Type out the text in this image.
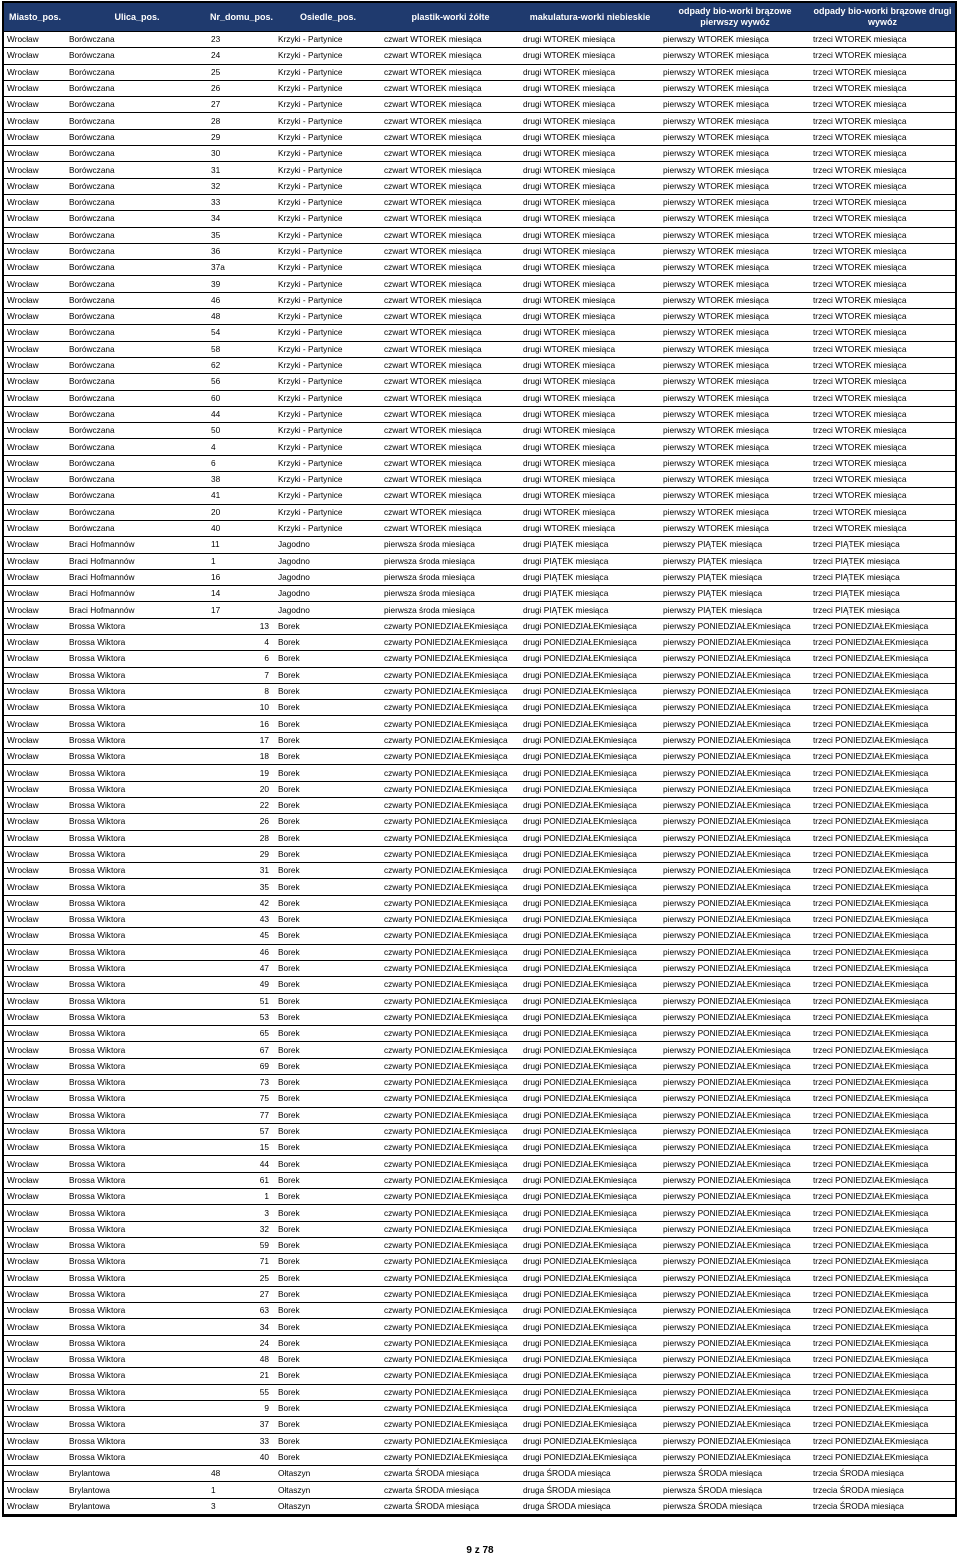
Miasto_pos.	Ulica_pos.	Nr_domu_pos.	Osiedle_pos.	plastik-worki żółte	makulatura-worki niebieskie	odpady bio-worki brązowe pierwszy wywóz	odpady bio-worki brązowe drugi wywóz
Wrocław	Borówczana	23	Krzyki - Partynice	czwart WTOREK miesiąca	drugi WTOREK miesiąca	pierwszy WTOREK miesiąca	trzeci WTOREK miesiąca
Wrocław	Borówczana	24	Krzyki - Partynice	czwart WTOREK miesiąca	drugi WTOREK miesiąca	pierwszy WTOREK miesiąca	trzeci WTOREK miesiąca
Wrocław	Borówczana	25	Krzyki - Partynice	czwart WTOREK miesiąca	drugi WTOREK miesiąca	pierwszy WTOREK miesiąca	trzeci WTOREK miesiąca
Wrocław	Borówczana	26	Krzyki - Partynice	czwart WTOREK miesiąca	drugi WTOREK miesiąca	pierwszy WTOREK miesiąca	trzeci WTOREK miesiąca
Wrocław	Borówczana	27	Krzyki - Partynice	czwart WTOREK miesiąca	drugi WTOREK miesiąca	pierwszy WTOREK miesiąca	trzeci WTOREK miesiąca
Wrocław	Borówczana	28	Krzyki - Partynice	czwart WTOREK miesiąca	drugi WTOREK miesiąca	pierwszy WTOREK miesiąca	trzeci WTOREK miesiąca
Wrocław	Borówczana	29	Krzyki - Partynice	czwart WTOREK miesiąca	drugi WTOREK miesiąca	pierwszy WTOREK miesiąca	trzeci WTOREK miesiąca
Wrocław	Borówczana	30	Krzyki - Partynice	czwart WTOREK miesiąca	drugi WTOREK miesiąca	pierwszy WTOREK miesiąca	trzeci WTOREK miesiąca
Wrocław	Borówczana	31	Krzyki - Partynice	czwart WTOREK miesiąca	drugi WTOREK miesiąca	pierwszy WTOREK miesiąca	trzeci WTOREK miesiąca
Wrocław	Borówczana	32	Krzyki - Partynice	czwart WTOREK miesiąca	drugi WTOREK miesiąca	pierwszy WTOREK miesiąca	trzeci WTOREK miesiąca
Wrocław	Borówczana	33	Krzyki - Partynice	czwart WTOREK miesiąca	drugi WTOREK miesiąca	pierwszy WTOREK miesiąca	trzeci WTOREK miesiąca
Wrocław	Borówczana	34	Krzyki - Partynice	czwart WTOREK miesiąca	drugi WTOREK miesiąca	pierwszy WTOREK miesiąca	trzeci WTOREK miesiąca
Wrocław	Borówczana	35	Krzyki - Partynice	czwart WTOREK miesiąca	drugi WTOREK miesiąca	pierwszy WTOREK miesiąca	trzeci WTOREK miesiąca
Wrocław	Borówczana	36	Krzyki - Partynice	czwart WTOREK miesiąca	drugi WTOREK miesiąca	pierwszy WTOREK miesiąca	trzeci WTOREK miesiąca
Wrocław	Borówczana	37a	Krzyki - Partynice	czwart WTOREK miesiąca	drugi WTOREK miesiąca	pierwszy WTOREK miesiąca	trzeci WTOREK miesiąca
Wrocław	Borówczana	39	Krzyki - Partynice	czwart WTOREK miesiąca	drugi WTOREK miesiąca	pierwszy WTOREK miesiąca	trzeci WTOREK miesiąca
Wrocław	Borówczana	46	Krzyki - Partynice	czwart WTOREK miesiąca	drugi WTOREK miesiąca	pierwszy WTOREK miesiąca	trzeci WTOREK miesiąca
Wrocław	Borówczana	48	Krzyki - Partynice	czwart WTOREK miesiąca	drugi WTOREK miesiąca	pierwszy WTOREK miesiąca	trzeci WTOREK miesiąca
Wrocław	Borówczana	54	Krzyki - Partynice	czwart WTOREK miesiąca	drugi WTOREK miesiąca	pierwszy WTOREK miesiąca	trzeci WTOREK miesiąca
Wrocław	Borówczana	58	Krzyki - Partynice	czwart WTOREK miesiąca	drugi WTOREK miesiąca	pierwszy WTOREK miesiąca	trzeci WTOREK miesiąca
Wrocław	Borówczana	62	Krzyki - Partynice	czwart WTOREK miesiąca	drugi WTOREK miesiąca	pierwszy WTOREK miesiąca	trzeci WTOREK miesiąca
Wrocław	Borówczana	56	Krzyki - Partynice	czwart WTOREK miesiąca	drugi WTOREK miesiąca	pierwszy WTOREK miesiąca	trzeci WTOREK miesiąca
Wrocław	Borówczana	60	Krzyki - Partynice	czwart WTOREK miesiąca	drugi WTOREK miesiąca	pierwszy WTOREK miesiąca	trzeci WTOREK miesiąca
Wrocław	Borówczana	44	Krzyki - Partynice	czwart WTOREK miesiąca	drugi WTOREK miesiąca	pierwszy WTOREK miesiąca	trzeci WTOREK miesiąca
Wrocław	Borówczana	50	Krzyki - Partynice	czwart WTOREK miesiąca	drugi WTOREK miesiąca	pierwszy WTOREK miesiąca	trzeci WTOREK miesiąca
Wrocław	Borówczana	4	Krzyki - Partynice	czwart WTOREK miesiąca	drugi WTOREK miesiąca	pierwszy WTOREK miesiąca	trzeci WTOREK miesiąca
Wrocław	Borówczana	6	Krzyki - Partynice	czwart WTOREK miesiąca	drugi WTOREK miesiąca	pierwszy WTOREK miesiąca	trzeci WTOREK miesiąca
Wrocław	Borówczana	38	Krzyki - Partynice	czwart WTOREK miesiąca	drugi WTOREK miesiąca	pierwszy WTOREK miesiąca	trzeci WTOREK miesiąca
Wrocław	Borówczana	41	Krzyki - Partynice	czwart WTOREK miesiąca	drugi WTOREK miesiąca	pierwszy WTOREK miesiąca	trzeci WTOREK miesiąca
Wrocław	Borówczana	20	Krzyki - Partynice	czwart WTOREK miesiąca	drugi WTOREK miesiąca	pierwszy WTOREK miesiąca	trzeci WTOREK miesiąca
Wrocław	Borówczana	40	Krzyki - Partynice	czwart WTOREK miesiąca	drugi WTOREK miesiąca	pierwszy WTOREK miesiąca	trzeci WTOREK miesiąca
Wrocław	Braci Hofmannów	11	Jagodno	pierwsza środa miesiąca	drugi PIĄTEK miesiąca	pierwszy PIĄTEK miesiąca	trzeci PIĄTEK miesiąca
Wrocław	Braci Hofmannów	1	Jagodno	pierwsza środa miesiąca	drugi PIĄTEK miesiąca	pierwszy PIĄTEK miesiąca	trzeci PIĄTEK miesiąca
Wrocław	Braci Hofmannów	16	Jagodno	pierwsza środa miesiąca	drugi PIĄTEK miesiąca	pierwszy PIĄTEK miesiąca	trzeci PIĄTEK miesiąca
Wrocław	Braci Hofmannów	14	Jagodno	pierwsza środa miesiąca	drugi PIĄTEK miesiąca	pierwszy PIĄTEK miesiąca	trzeci PIĄTEK miesiąca
Wrocław	Braci Hofmannów	17	Jagodno	pierwsza środa miesiąca	drugi PIĄTEK miesiąca	pierwszy PIĄTEK miesiąca	trzeci PIĄTEK miesiąca
Wrocław	Brossa Wiktora	13	Borek	czwarty PONIEDZIAŁEKmiesiąca	drugi PONIEDZIAŁEKmiesiąca	pierwszy PONIEDZIAŁEKmiesiąca	trzeci PONIEDZIAŁEKmiesiąca
Wrocław	Brossa Wiktora	4	Borek	czwarty PONIEDZIAŁEKmiesiąca	drugi PONIEDZIAŁEKmiesiąca	pierwszy PONIEDZIAŁEKmiesiąca	trzeci PONIEDZIAŁEKmiesiąca
Wrocław	Brossa Wiktora	6	Borek	czwarty PONIEDZIAŁEKmiesiąca	drugi PONIEDZIAŁEKmiesiąca	pierwszy PONIEDZIAŁEKmiesiąca	trzeci PONIEDZIAŁEKmiesiąca
Wrocław	Brossa Wiktora	7	Borek	czwarty PONIEDZIAŁEKmiesiąca	drugi PONIEDZIAŁEKmiesiąca	pierwszy PONIEDZIAŁEKmiesiąca	trzeci PONIEDZIAŁEKmiesiąca
Wrocław	Brossa Wiktora	8	Borek	czwarty PONIEDZIAŁEKmiesiąca	drugi PONIEDZIAŁEKmiesiąca	pierwszy PONIEDZIAŁEKmiesiąca	trzeci PONIEDZIAŁEKmiesiąca
Wrocław	Brossa Wiktora	10	Borek	czwarty PONIEDZIAŁEKmiesiąca	drugi PONIEDZIAŁEKmiesiąca	pierwszy PONIEDZIAŁEKmiesiąca	trzeci PONIEDZIAŁEKmiesiąca
Wrocław	Brossa Wiktora	16	Borek	czwarty PONIEDZIAŁEKmiesiąca	drugi PONIEDZIAŁEKmiesiąca	pierwszy PONIEDZIAŁEKmiesiąca	trzeci PONIEDZIAŁEKmiesiąca
Wrocław	Brossa Wiktora	17	Borek	czwarty PONIEDZIAŁEKmiesiąca	drugi PONIEDZIAŁEKmiesiąca	pierwszy PONIEDZIAŁEKmiesiąca	trzeci PONIEDZIAŁEKmiesiąca
Wrocław	Brossa Wiktora	18	Borek	czwarty PONIEDZIAŁEKmiesiąca	drugi PONIEDZIAŁEKmiesiąca	pierwszy PONIEDZIAŁEKmiesiąca	trzeci PONIEDZIAŁEKmiesiąca
Wrocław	Brossa Wiktora	19	Borek	czwarty PONIEDZIAŁEKmiesiąca	drugi PONIEDZIAŁEKmiesiąca	pierwszy PONIEDZIAŁEKmiesiąca	trzeci PONIEDZIAŁEKmiesiąca
Wrocław	Brossa Wiktora	20	Borek	czwarty PONIEDZIAŁEKmiesiąca	drugi PONIEDZIAŁEKmiesiąca	pierwszy PONIEDZIAŁEKmiesiąca	trzeci PONIEDZIAŁEKmiesiąca
Wrocław	Brossa Wiktora	22	Borek	czwarty PONIEDZIAŁEKmiesiąca	drugi PONIEDZIAŁEKmiesiąca	pierwszy PONIEDZIAŁEKmiesiąca	trzeci PONIEDZIAŁEKmiesiąca
Wrocław	Brossa Wiktora	26	Borek	czwarty PONIEDZIAŁEKmiesiąca	drugi PONIEDZIAŁEKmiesiąca	pierwszy PONIEDZIAŁEKmiesiąca	trzeci PONIEDZIAŁEKmiesiąca
Wrocław	Brossa Wiktora	28	Borek	czwarty PONIEDZIAŁEKmiesiąca	drugi PONIEDZIAŁEKmiesiąca	pierwszy PONIEDZIAŁEKmiesiąca	trzeci PONIEDZIAŁEKmiesiąca
Wrocław	Brossa Wiktora	29	Borek	czwarty PONIEDZIAŁEKmiesiąca	drugi PONIEDZIAŁEKmiesiąca	pierwszy PONIEDZIAŁEKmiesiąca	trzeci PONIEDZIAŁEKmiesiąca
Wrocław	Brossa Wiktora	31	Borek	czwarty PONIEDZIAŁEKmiesiąca	drugi PONIEDZIAŁEKmiesiąca	pierwszy PONIEDZIAŁEKmiesiąca	trzeci PONIEDZIAŁEKmiesiąca
Wrocław	Brossa Wiktora	35	Borek	czwarty PONIEDZIAŁEKmiesiąca	drugi PONIEDZIAŁEKmiesiąca	pierwszy PONIEDZIAŁEKmiesiąca	trzeci PONIEDZIAŁEKmiesiąca
Wrocław	Brossa Wiktora	42	Borek	czwarty PONIEDZIAŁEKmiesiąca	drugi PONIEDZIAŁEKmiesiąca	pierwszy PONIEDZIAŁEKmiesiąca	trzeci PONIEDZIAŁEKmiesiąca
Wrocław	Brossa Wiktora	43	Borek	czwarty PONIEDZIAŁEKmiesiąca	drugi PONIEDZIAŁEKmiesiąca	pierwszy PONIEDZIAŁEKmiesiąca	trzeci PONIEDZIAŁEKmiesiąca
Wrocław	Brossa Wiktora	45	Borek	czwarty PONIEDZIAŁEKmiesiąca	drugi PONIEDZIAŁEKmiesiąca	pierwszy PONIEDZIAŁEKmiesiąca	trzeci PONIEDZIAŁEKmiesiąca
Wrocław	Brossa Wiktora	46	Borek	czwarty PONIEDZIAŁEKmiesiąca	drugi PONIEDZIAŁEKmiesiąca	pierwszy PONIEDZIAŁEKmiesiąca	trzeci PONIEDZIAŁEKmiesiąca
Wrocław	Brossa Wiktora	47	Borek	czwarty PONIEDZIAŁEKmiesiąca	drugi PONIEDZIAŁEKmiesiąca	pierwszy PONIEDZIAŁEKmiesiąca	trzeci PONIEDZIAŁEKmiesiąca
Wrocław	Brossa Wiktora	49	Borek	czwarty PONIEDZIAŁEKmiesiąca	drugi PONIEDZIAŁEKmiesiąca	pierwszy PONIEDZIAŁEKmiesiąca	trzeci PONIEDZIAŁEKmiesiąca
Wrocław	Brossa Wiktora	51	Borek	czwarty PONIEDZIAŁEKmiesiąca	drugi PONIEDZIAŁEKmiesiąca	pierwszy PONIEDZIAŁEKmiesiąca	trzeci PONIEDZIAŁEKmiesiąca
Wrocław	Brossa Wiktora	53	Borek	czwarty PONIEDZIAŁEKmiesiąca	drugi PONIEDZIAŁEKmiesiąca	pierwszy PONIEDZIAŁEKmiesiąca	trzeci PONIEDZIAŁEKmiesiąca
Wrocław	Brossa Wiktora	65	Borek	czwarty PONIEDZIAŁEKmiesiąca	drugi PONIEDZIAŁEKmiesiąca	pierwszy PONIEDZIAŁEKmiesiąca	trzeci PONIEDZIAŁEKmiesiąca
Wrocław	Brossa Wiktora	67	Borek	czwarty PONIEDZIAŁEKmiesiąca	drugi PONIEDZIAŁEKmiesiąca	pierwszy PONIEDZIAŁEKmiesiąca	trzeci PONIEDZIAŁEKmiesiąca
Wrocław	Brossa Wiktora	69	Borek	czwarty PONIEDZIAŁEKmiesiąca	drugi PONIEDZIAŁEKmiesiąca	pierwszy PONIEDZIAŁEKmiesiąca	trzeci PONIEDZIAŁEKmiesiąca
Wrocław	Brossa Wiktora	73	Borek	czwarty PONIEDZIAŁEKmiesiąca	drugi PONIEDZIAŁEKmiesiąca	pierwszy PONIEDZIAŁEKmiesiąca	trzeci PONIEDZIAŁEKmiesiąca
Wrocław	Brossa Wiktora	75	Borek	czwarty PONIEDZIAŁEKmiesiąca	drugi PONIEDZIAŁEKmiesiąca	pierwszy PONIEDZIAŁEKmiesiąca	trzeci PONIEDZIAŁEKmiesiąca
Wrocław	Brossa Wiktora	77	Borek	czwarty PONIEDZIAŁEKmiesiąca	drugi PONIEDZIAŁEKmiesiąca	pierwszy PONIEDZIAŁEKmiesiąca	trzeci PONIEDZIAŁEKmiesiąca
Wrocław	Brossa Wiktora	57	Borek	czwarty PONIEDZIAŁEKmiesiąca	drugi PONIEDZIAŁEKmiesiąca	pierwszy PONIEDZIAŁEKmiesiąca	trzeci PONIEDZIAŁEKmiesiąca
Wrocław	Brossa Wiktora	15	Borek	czwarty PONIEDZIAŁEKmiesiąca	drugi PONIEDZIAŁEKmiesiąca	pierwszy PONIEDZIAŁEKmiesiąca	trzeci PONIEDZIAŁEKmiesiąca
Wrocław	Brossa Wiktora	44	Borek	czwarty PONIEDZIAŁEKmiesiąca	drugi PONIEDZIAŁEKmiesiąca	pierwszy PONIEDZIAŁEKmiesiąca	trzeci PONIEDZIAŁEKmiesiąca
Wrocław	Brossa Wiktora	61	Borek	czwarty PONIEDZIAŁEKmiesiąca	drugi PONIEDZIAŁEKmiesiąca	pierwszy PONIEDZIAŁEKmiesiąca	trzeci PONIEDZIAŁEKmiesiąca
Wrocław	Brossa Wiktora	1	Borek	czwarty PONIEDZIAŁEKmiesiąca	drugi PONIEDZIAŁEKmiesiąca	pierwszy PONIEDZIAŁEKmiesiąca	trzeci PONIEDZIAŁEKmiesiąca
Wrocław	Brossa Wiktora	3	Borek	czwarty PONIEDZIAŁEKmiesiąca	drugi PONIEDZIAŁEKmiesiąca	pierwszy PONIEDZIAŁEKmiesiąca	trzeci PONIEDZIAŁEKmiesiąca
Wrocław	Brossa Wiktora	32	Borek	czwarty PONIEDZIAŁEKmiesiąca	drugi PONIEDZIAŁEKmiesiąca	pierwszy PONIEDZIAŁEKmiesiąca	trzeci PONIEDZIAŁEKmiesiąca
Wrocław	Brossa Wiktora	59	Borek	czwarty PONIEDZIAŁEKmiesiąca	drugi PONIEDZIAŁEKmiesiąca	pierwszy PONIEDZIAŁEKmiesiąca	trzeci PONIEDZIAŁEKmiesiąca
Wrocław	Brossa Wiktora	71	Borek	czwarty PONIEDZIAŁEKmiesiąca	drugi PONIEDZIAŁEKmiesiąca	pierwszy PONIEDZIAŁEKmiesiąca	trzeci PONIEDZIAŁEKmiesiąca
Wrocław	Brossa Wiktora	25	Borek	czwarty PONIEDZIAŁEKmiesiąca	drugi PONIEDZIAŁEKmiesiąca	pierwszy PONIEDZIAŁEKmiesiąca	trzeci PONIEDZIAŁEKmiesiąca
Wrocław	Brossa Wiktora	27	Borek	czwarty PONIEDZIAŁEKmiesiąca	drugi PONIEDZIAŁEKmiesiąca	pierwszy PONIEDZIAŁEKmiesiąca	trzeci PONIEDZIAŁEKmiesiąca
Wrocław	Brossa Wiktora	63	Borek	czwarty PONIEDZIAŁEKmiesiąca	drugi PONIEDZIAŁEKmiesiąca	pierwszy PONIEDZIAŁEKmiesiąca	trzeci PONIEDZIAŁEKmiesiąca
Wrocław	Brossa Wiktora	34	Borek	czwarty PONIEDZIAŁEKmiesiąca	drugi PONIEDZIAŁEKmiesiąca	pierwszy PONIEDZIAŁEKmiesiąca	trzeci PONIEDZIAŁEKmiesiąca
Wrocław	Brossa Wiktora	24	Borek	czwarty PONIEDZIAŁEKmiesiąca	drugi PONIEDZIAŁEKmiesiąca	pierwszy PONIEDZIAŁEKmiesiąca	trzeci PONIEDZIAŁEKmiesiąca
Wrocław	Brossa Wiktora	48	Borek	czwarty PONIEDZIAŁEKmiesiąca	drugi PONIEDZIAŁEKmiesiąca	pierwszy PONIEDZIAŁEKmiesiąca	trzeci PONIEDZIAŁEKmiesiąca
Wrocław	Brossa Wiktora	21	Borek	czwarty PONIEDZIAŁEKmiesiąca	drugi PONIEDZIAŁEKmiesiąca	pierwszy PONIEDZIAŁEKmiesiąca	trzeci PONIEDZIAŁEKmiesiąca
Wrocław	Brossa Wiktora	55	Borek	czwarty PONIEDZIAŁEKmiesiąca	drugi PONIEDZIAŁEKmiesiąca	pierwszy PONIEDZIAŁEKmiesiąca	trzeci PONIEDZIAŁEKmiesiąca
Wrocław	Brossa Wiktora	9	Borek	czwarty PONIEDZIAŁEKmiesiąca	drugi PONIEDZIAŁEKmiesiąca	pierwszy PONIEDZIAŁEKmiesiąca	trzeci PONIEDZIAŁEKmiesiąca
Wrocław	Brossa Wiktora	37	Borek	czwarty PONIEDZIAŁEKmiesiąca	drugi PONIEDZIAŁEKmiesiąca	pierwszy PONIEDZIAŁEKmiesiąca	trzeci PONIEDZIAŁEKmiesiąca
Wrocław	Brossa Wiktora	33	Borek	czwarty PONIEDZIAŁEKmiesiąca	drugi PONIEDZIAŁEKmiesiąca	pierwszy PONIEDZIAŁEKmiesiąca	trzeci PONIEDZIAŁEKmiesiąca
Wrocław	Brossa Wiktora	40	Borek	czwarty PONIEDZIAŁEKmiesiąca	drugi PONIEDZIAŁEKmiesiąca	pierwszy PONIEDZIAŁEKmiesiąca	trzeci PONIEDZIAŁEKmiesiąca
Wrocław	Brylantowa	48	Ołtaszyn	czwarta ŚRODA miesiąca	druga ŚRODA miesiąca	pierwsza ŚRODA miesiąca	trzecia ŚRODA miesiąca
Wrocław	Brylantowa	1	Ołtaszyn	czwarta ŚRODA miesiąca	druga ŚRODA miesiąca	pierwsza ŚRODA miesiąca	trzecia ŚRODA miesiąca
Wrocław	Brylantowa	3	Ołtaszyn	czwarta ŚRODA miesiąca	druga ŚRODA miesiąca	pierwsza ŚRODA miesiąca	trzecia ŚRODA miesiąca
9 z 78
